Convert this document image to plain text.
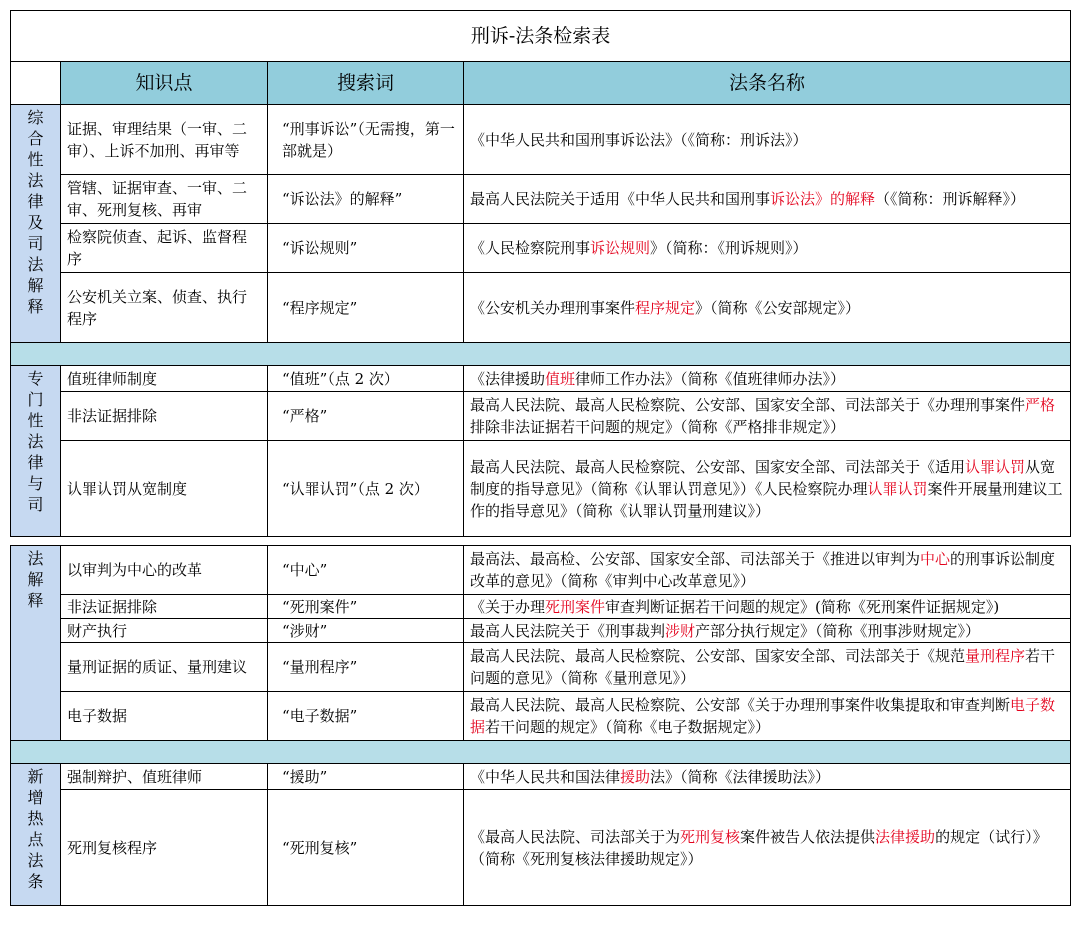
刑诉-法条检索表			
	知识点	搜索词	法条名称

综合性法律及司法解释	证据、审理结果（一审、二审）、上诉不加刑、再审等	“刑事诉讼”（无需搜，第一部就是）	《中华人民共和国刑事诉讼法》（《简称：刑诉法》）
	管辖、证据审查、一审、二审、死刑复核、再审	“诉讼法》的解释”	最高人民法院关于适用《中华人民共和国刑事诉讼法》的解释（《简称：刑诉解释》）
	检察院侦查、起诉、监督程序	“诉讼规则”	《人民检察院刑事诉讼规则》（简称：《刑诉规则》）
	公安机关立案、侦查、执行程序	“程序规定”	《公安机关办理刑事案件程序规定》（简称《公安部规定》）

专门性法律与司	值班律师制度	“值班”（点 2 次）	《法律援助值班律师工作办法》（简称《值班律师办法》）
	非法证据排除	“严格”	最高人民法院、最高人民检察院、公安部、国家安全部、司法部关于《办理刑事案件严格排除非法证据若干问题的规定》（简称《严格排非规定》）
	认罪认罚从宽制度	“认罪认罚”（点 2 次）	最高人民法院、最高人民检察院、公安部、国家安全部、司法部关于《适用认罪认罚从宽制度的指导意见》（简称《认罪认罚意见》）《人民检察院办理认罪认罚案件开展量刑建议工作的指导意见》（简称《认罪认罚量刑建议》）

法解释	以审判为中心的改革	“中心”	最高法、最高检、公安部、国家安全部、司法部关于《推进以审判为中心的刑事诉讼制度改革的意见》（简称《审判中心改革意见》）
	非法证据排除	“死刑案件”	《关于办理死刑案件审查判断证据若干问题的规定》(简称《死刑案件证据规定》)
	财产执行	“涉财”	最高人民法院关于《刑事裁判涉财产部分执行规定》（简称《刑事涉财规定》）
	量刑证据的质证、量刑建议	“量刑程序”	最高人民法院、最高人民检察院、公安部、国家安全部、司法部关于《规范量刑程序若干问题的意见》（简称《量刑意见》）
	电子数据	“电子数据”	最高人民法院、最高人民检察院、公安部《关于办理刑事案件收集提取和审查判断电子数据若干问题的规定》（简称《电子数据规定》）

新增热点法条	强制辩护、值班律师	“援助”	《中华人民共和国法律援助法》（简称《法律援助法》）
	死刑复核程序	“死刑复核”	《最高人民法院、司法部关于为死刑复核案件被告人依法提供法律援助的规定（试行）》（简称《死刑复核法律援助规定》）
